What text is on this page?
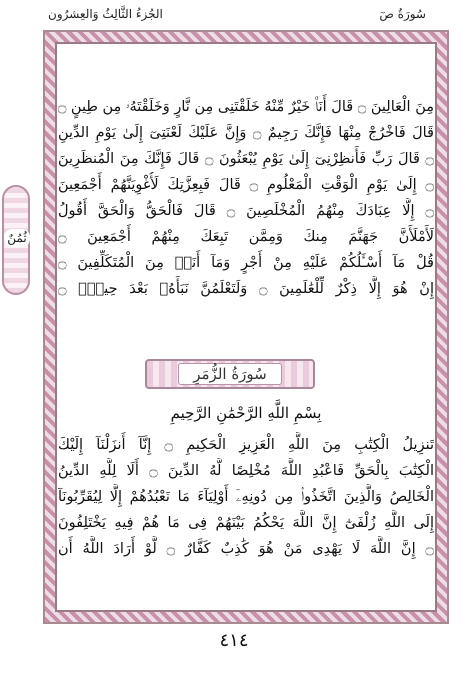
الجُزءُ الثَّالِثُ وَالعِشرُون	سُورَةُ صٓ
ثُمُنٌ
مِنَ الْعَالِينَ ۝ قَالَ أَنَا۠ خَيْرٌ مِّنْهُ خَلَقْتَنِى مِن نَّارٍ وَخَلَقْتَهُۥ مِن طِينٍ ۝
قَالَ فَاخْرُجْ مِنْهَا فَإِنَّكَ رَجِيمٌ ۝ وَإِنَّ عَلَيْكَ لَعْنَتِىٓ إِلَىٰ يَوْمِ الدِّينِ
۝ قَالَ رَبِّ فَأَنظِرْنِىٓ إِلَىٰ يَوْمِ يُبْعَثُونَ ۝ قَالَ فَإِنَّكَ مِنَ الْمُنظَرِينَ
۝ إِلَىٰ يَوْمِ الْوَقْتِ الْمَعْلُومِ ۝ قَالَ فَبِعِزَّتِكَ لَأُغْوِيَنَّهُمْ أَجْمَعِينَ
۝ إِلَّا عِبَادَكَ مِنْهُمُ الْمُخْلَصِينَ ۝ قَالَ فَالْحَقُّ وَالْحَقَّ أَقُولُ
لَأَمْلَأَنَّ جَهَنَّمَ مِنكَ وَمِمَّن تَبِعَكَ مِنْهُمْ أَجْمَعِينَ ۝
قُلْ مَآ أَسْـَٔلُكُمْ عَلَيْهِ مِنْ أَجْرٍ وَمَآ أَنَا۠ مِنَ الْمُتَكَلِّفِينَ ۝
إِنْ هُوَ إِلَّا ذِكْرٌ لِّلْعَٰلَمِينَ ۝ وَلَتَعْلَمُنَّ نَبَأَهُۥ بَعْدَ حِينٍۭ ۝
سُورَةُ الزُّمَرِ
بِسْمِ اللَّهِ الرَّحْمَٰنِ الرَّحِيمِ
تَنزِيلُ الْكِتَٰبِ مِنَ اللَّهِ الْعَزِيزِ الْحَكِيمِ ۝ إِنَّآ أَنزَلْنَآ إِلَيْكَ
الْكِتَٰبَ بِالْحَقِّ فَاعْبُدِ اللَّهَ مُخْلِصًا لَّهُ الدِّينَ ۝ أَلَا لِلَّهِ الدِّينُ
الْخَالِصُ وَالَّذِينَ اتَّخَذُوا۟ مِن دُونِهِۦٓ أَوْلِيَآءَ مَا نَعْبُدُهُمْ إِلَّا لِيُقَرِّبُونَآ
إِلَى اللَّهِ زُلْفَىٰٓ إِنَّ اللَّهَ يَحْكُمُ بَيْنَهُمْ فِى مَا هُمْ فِيهِ يَخْتَلِفُونَ
۝ إِنَّ اللَّهَ لَا يَهْدِى مَنْ هُوَ كَٰذِبٌ كَفَّارٌ ۝ لَّوْ أَرَادَ اللَّهُ أَن
٤١٤
